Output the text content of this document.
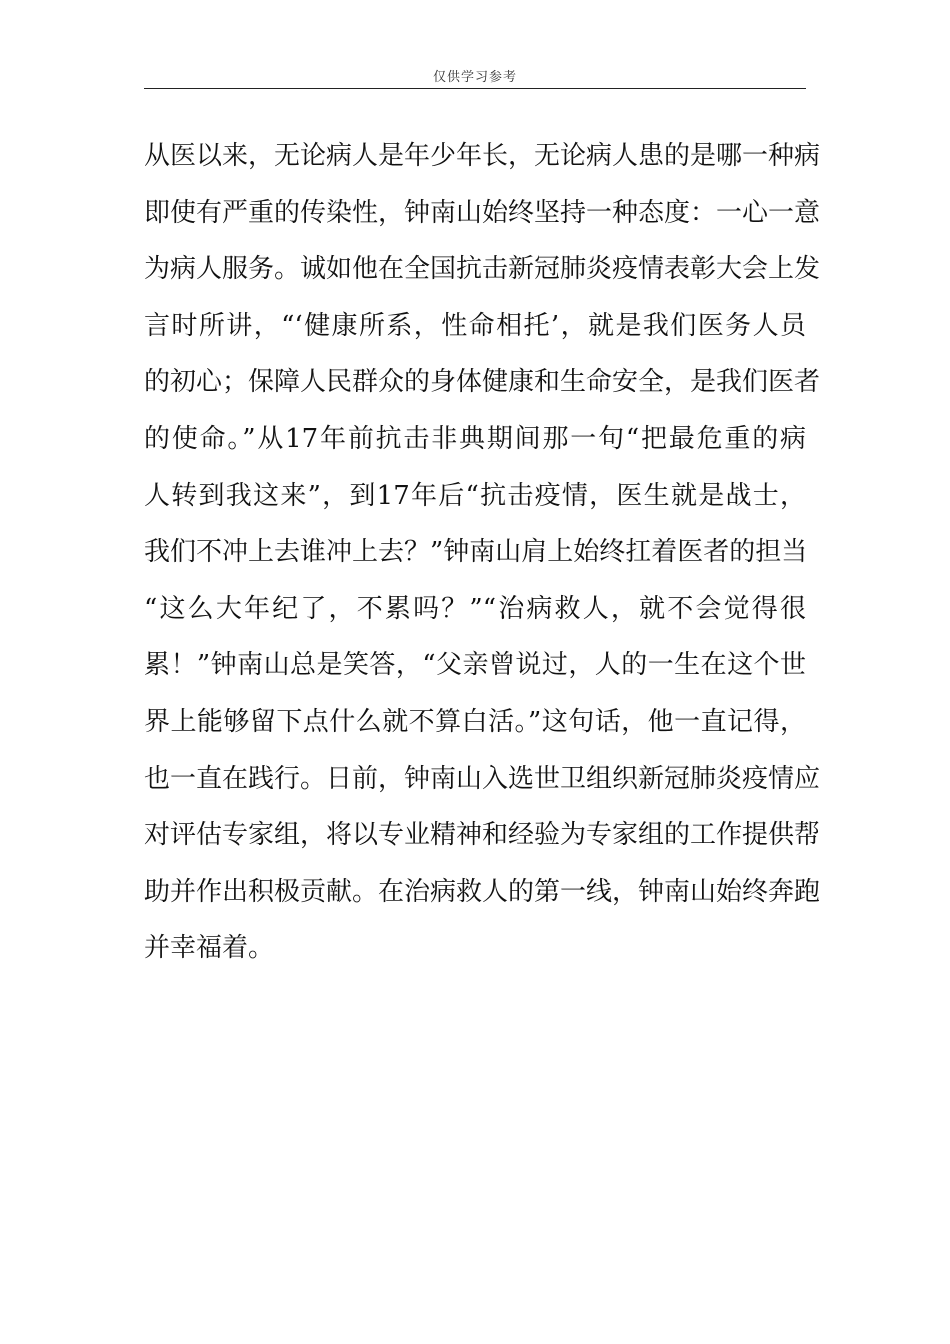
仅供学习参考
从医以来，无论病人是年少年长，无论病人患的是哪一种病
即使有严重的传染性，钟南山始终坚持一种态度：一心一意
为病人服务。诚如他在全国抗击新冠肺炎疫情表彰大会上发
言时所讲，“‘健康所系，性命相托’，就是我们医务人员
的初心；保障人民群众的身体健康和生命安全，是我们医者
的使命。”从17年前抗击非典期间那一句“把最危重的病
人转到我这来”，到17年后“抗击疫情，医生就是战士，
我们不冲上去谁冲上去？”钟南山肩上始终扛着医者的担当
“这么大年纪了，不累吗？”“治病救人，就不会觉得很
累！”钟南山总是笑答，“父亲曾说过，人的一生在这个世
界上能够留下点什么就不算白活。”这句话，他一直记得，
也一直在践行。日前，钟南山入选世卫组织新冠肺炎疫情应
对评估专家组，将以专业精神和经验为专家组的工作提供帮
助并作出积极贡献。在治病救人的第一线，钟南山始终奔跑
并幸福着。
